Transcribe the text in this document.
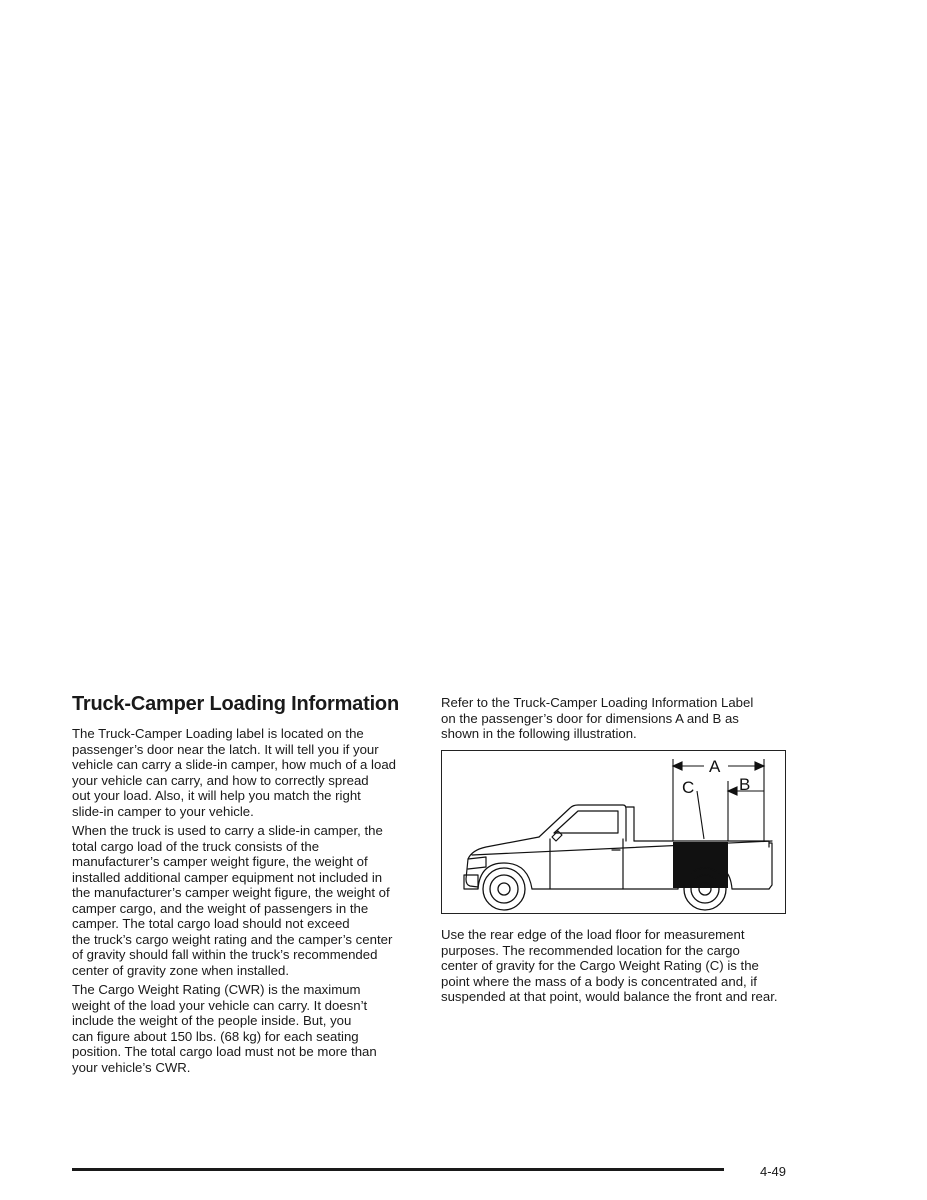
Truck-Camper Loading Information

The Truck-Camper Loading label is located on the
passenger’s door near the latch. It will tell you if your
vehicle can carry a slide-in camper, how much of a load
your vehicle can carry, and how to correctly spread
out your load. Also, it will help you match the right
slide-in camper to your vehicle.

When the truck is used to carry a slide-in camper, the
total cargo load of the truck consists of the
manufacturer’s camper weight figure, the weight of
installed additional camper equipment not included in
the manufacturer’s camper weight figure, the weight of
camper cargo, and the weight of passengers in the
camper. The total cargo load should not exceed
the truck’s cargo weight rating and the camper’s center
of gravity should fall within the truck’s recommended
center of gravity zone when installed.

The Cargo Weight Rating (CWR) is the maximum
weight of the load your vehicle can carry. It doesn’t
include the weight of the people inside. But, you
can figure about 150 lbs. (68 kg) for each seating
position. The total cargo load must not be more than
your vehicle’s CWR.

Refer to the Truck-Camper Loading Information Label
on the passenger’s door for dimensions A and B as
shown in the following illustration.

A
B
C

Use the rear edge of the load floor for measurement
purposes. The recommended location for the cargo
center of gravity for the Cargo Weight Rating (C) is the
point where the mass of a body is concentrated and, if
suspended at that point, would balance the front and rear.

4-49
